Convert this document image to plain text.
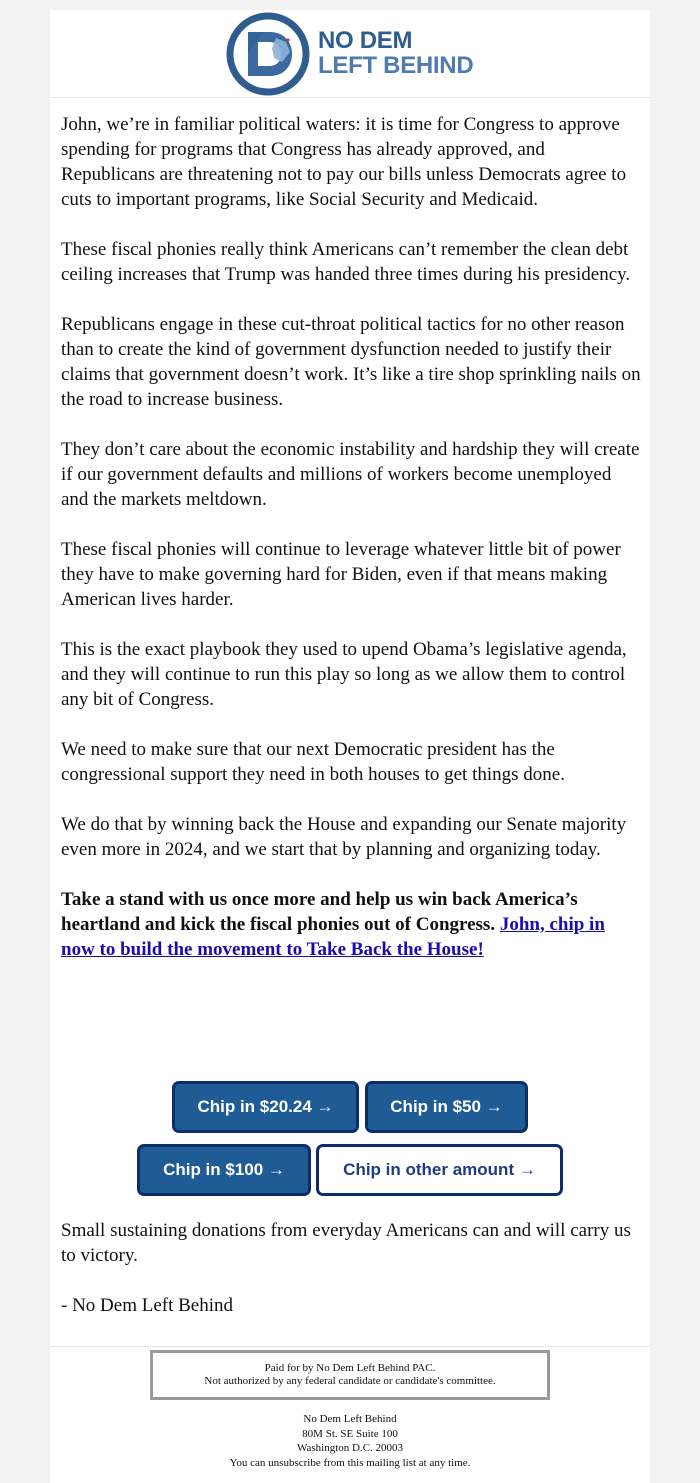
NO DEM
LEFT BEHIND

John, we’re in familiar political waters: it is time for Congress to approve spending for programs that Congress has already approved, and Republicans are threatening not to pay our bills unless Democrats agree to cuts to important programs, like Social Security and Medicaid.

These fiscal phonies really think Americans can’t remember the clean debt ceiling increases that Trump was handed three times during his presidency.

Republicans engage in these cut-throat political tactics for no other reason than to create the kind of government dysfunction needed to justify their claims that government doesn’t work. It’s like a tire shop sprinkling nails on the road to increase business.

They don’t care about the economic instability and hardship they will create if our government defaults and millions of workers become unemployed and the markets meltdown.

These fiscal phonies will continue to leverage whatever little bit of power they have to make governing hard for Biden, even if that means making American lives harder.

This is the exact playbook they used to upend Obama’s legislative agenda, and they will continue to run this play so long as we allow them to control any bit of Congress.

We need to make sure that our next Democratic president has the congressional support they need in both houses to get things done.

We do that by winning back the House and expanding our Senate majority even more in 2024, and we start that by planning and organizing today.

Take a stand with us once more and help us win back America’s heartland and kick the fiscal phonies out of Congress. John, chip in now to build the movement to Take Back the House!

Chip in $20.24 →	Chip in $50 →
Chip in $100 →	Chip in other amount →

Small sustaining donations from everyday Americans can and will carry us to victory.

- No Dem Left Behind

Paid for by No Dem Left Behind PAC.
Not authorized by any federal candidate or candidate's committee.
No Dem Left Behind
80M St. SE Suite 100
Washington D.C. 20003
You can unsubscribe from this mailing list at any time.
